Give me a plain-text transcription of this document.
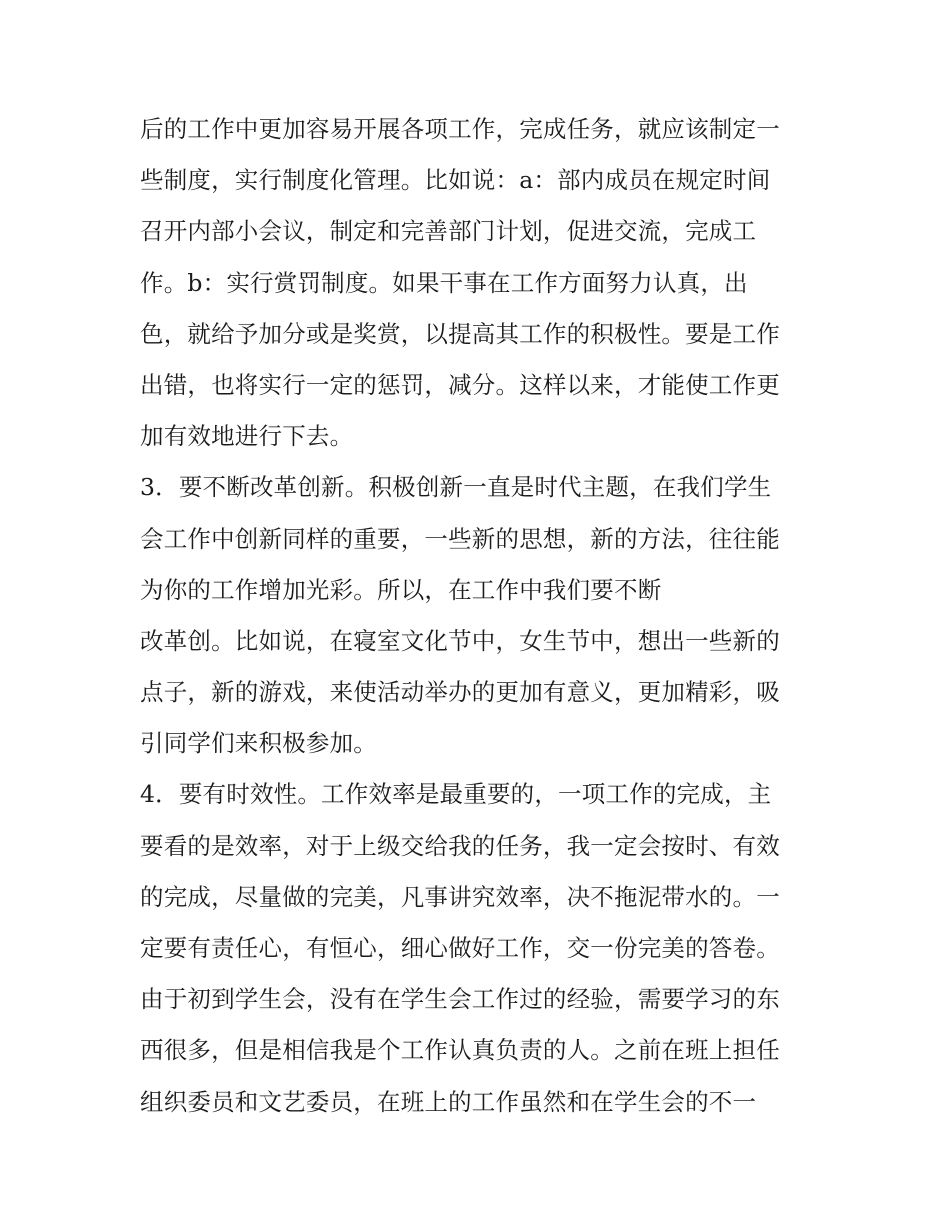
后的工作中更加容易开展各项工作，完成任务，就应该制定一
些制度，实行制度化管理。比如说：a：部内成员在规定时间
召开内部小会议，制定和完善部门计划，促进交流，完成工
作。b：实行赏罚制度。如果干事在工作方面努力认真，出
色，就给予加分或是奖赏，以提高其工作的积极性。要是工作
出错，也将实行一定的惩罚，减分。这样以来，才能使工作更
加有效地进行下去。
3．要不断改革创新。积极创新一直是时代主题，在我们学生
会工作中创新同样的重要，一些新的思想，新的方法，往往能
为你的工作增加光彩。所以，在工作中我们要不断
改革创。比如说，在寝室文化节中，女生节中，想出一些新的
点子，新的游戏，来使活动举办的更加有意义，更加精彩，吸
引同学们来积极参加。
4．要有时效性。工作效率是最重要的，一项工作的完成，主
要看的是效率，对于上级交给我的任务，我一定会按时、有效
的完成，尽量做的完美，凡事讲究效率，决不拖泥带水的。一
定要有责任心，有恒心，细心做好工作，交一份完美的答卷。
由于初到学生会，没有在学生会工作过的经验，需要学习的东
西很多，但是相信我是个工作认真负责的人。之前在班上担任
组织委员和文艺委员，在班上的工作虽然和在学生会的不一
